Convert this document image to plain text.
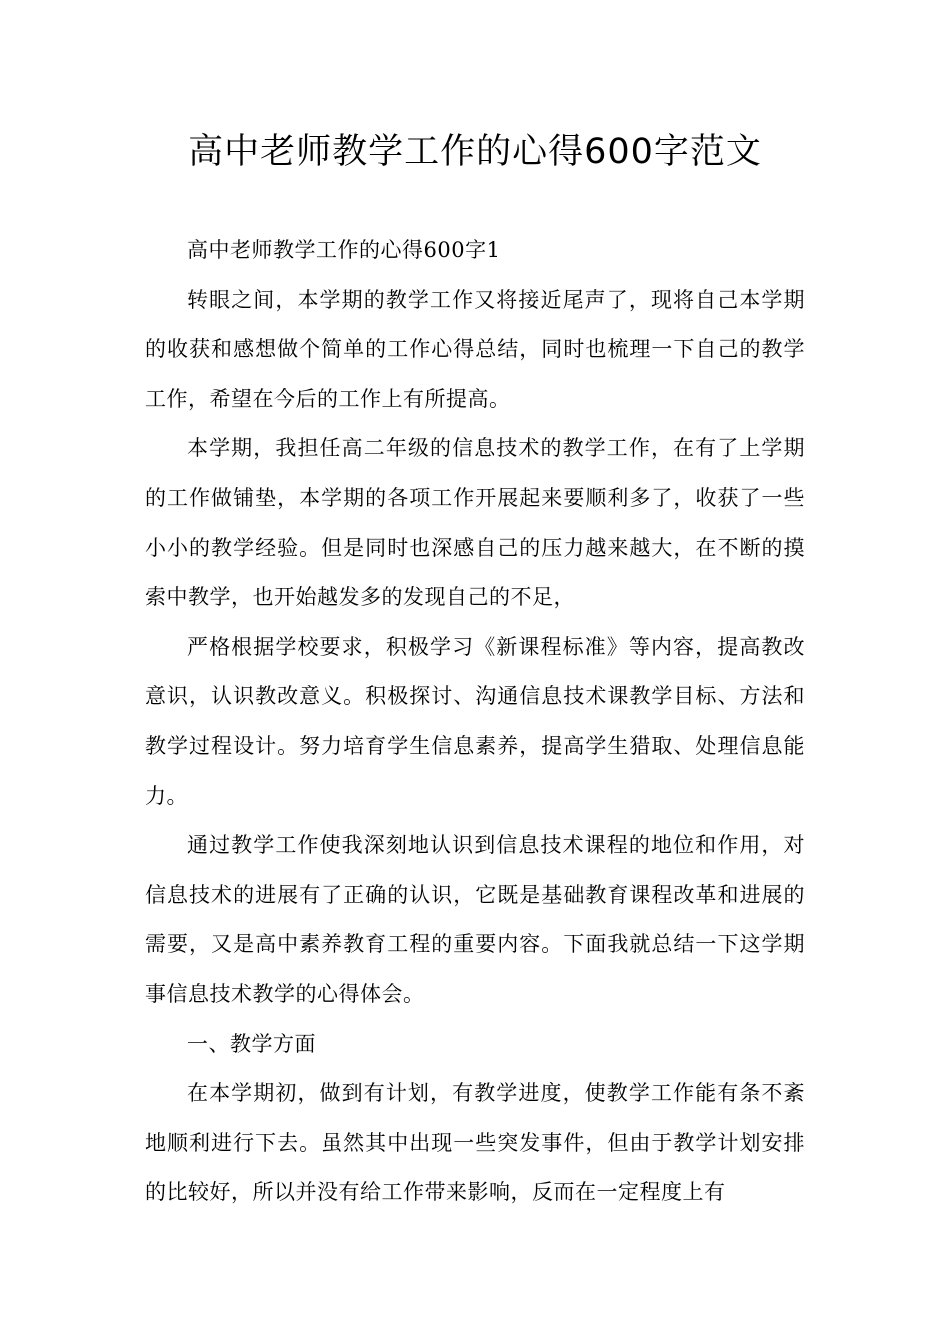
高中老师教学工作的心得600字范文

高中老师教学工作的心得600字1

转眼之间，本学期的教学工作又将接近尾声了，现将自己本学期的收获和感想做个简单的工作心得总结，同时也梳理一下自己的教学工作，希望在今后的工作上有所提高。

本学期，我担任高二年级的信息技术的教学工作，在有了上学期的工作做铺垫，本学期的各项工作开展起来要顺利多了，收获了一些小小的教学经验。但是同时也深感自己的压力越来越大，在不断的摸索中教学，也开始越发多的发现自己的不足，

严格根据学校要求，积极学习《新课程标准》等内容，提高教改意识，认识教改意义。积极探讨、沟通信息技术课教学目标、方法和教学过程设计。努力培育学生信息素养，提高学生猎取、处理信息能力。

通过教学工作使我深刻地认识到信息技术课程的地位和作用，对信息技术的进展有了正确的认识，它既是基础教育课程改革和进展的需要，又是高中素养教育工程的重要内容。下面我就总结一下这学期事信息技术教学的心得体会。

一、教学方面

在本学期初，做到有计划，有教学进度，使教学工作能有条不紊地顺利进行下去。虽然其中出现一些突发事件，但由于教学计划安排的比较好，所以并没有给工作带来影响，反而在一定程度上有
